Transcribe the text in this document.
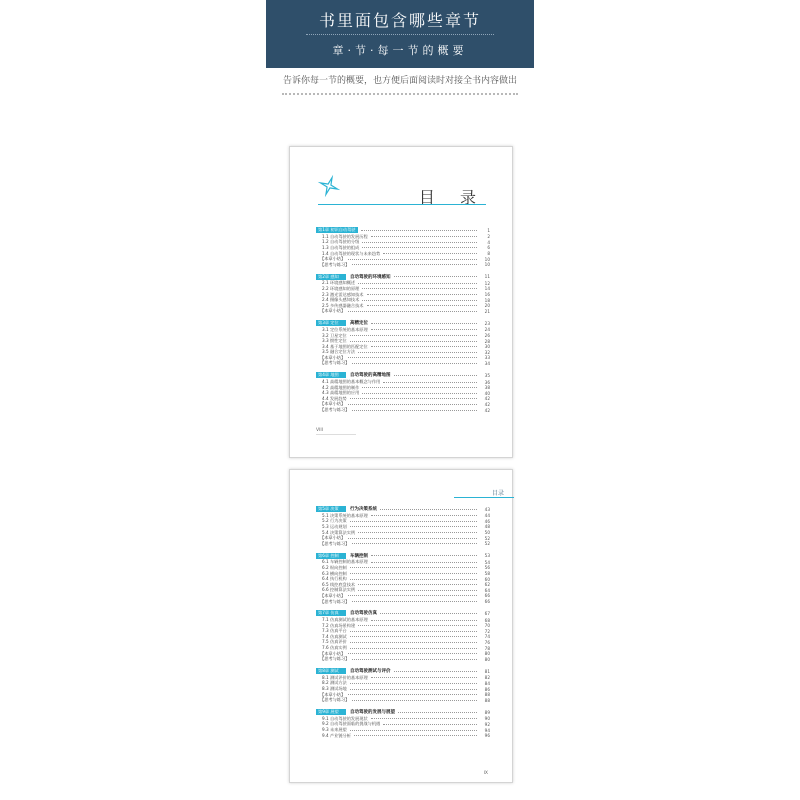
书里面包含哪些章节
章·节·每一节的概要
告诉你每一节的概要，也方便后面阅读时对接全书内容做出
目 录
第1章 初识自动驾驶	1
1.1 自动驾驶的发展历程	2
1.2 自动驾驶的分级	4
1.3 自动驾驶的组成	6
1.4 自动驾驶的现状与未来趋势	8
【本章小结】	10
【思考与练习】	10
第2章 感知	自动驾驶的环境感知	11
2.1 环境感知概述	12
2.2 环境感知的原理	14
2.3 激光雷达感知技术	16
2.4 摄像头感知技术	18
2.5 多传感器融合技术	20
【本章小结】	21
第3章 定位	高精定位	23
3.1 定位系统的基本原理	24
3.2 卫星定位	26
3.3 惯性定位	28
3.4 基于地图的匹配定位	30
3.5 融合定位方法	32
【本章小结】	33
【思考与练习】	34
第4章 地图	自动驾驶的高精地图	35
4.1 高精地图的基本概念与作用	36
4.2 高精地图的制作	38
4.3 高精地图的应用	40
4.4 发展趋势	42
【本章小结】	42
【思考与练习】	42
VIII
目录
第5章 决策	行为决策系统	43
5.1 决策系统的基本原理	44
5.2 行为决策	46
5.3 运动规划	48
5.4 决策算法实例	50
【本章小结】	52
【思考与练习】	52
第6章 控制	车辆控制	53
6.1 车辆控制的基本原理	54
6.2 纵向控制	56
6.3 横向控制	58
6.4 执行机构	60
6.5 线控底盘技术	62
6.6 控制算法实例	64
【本章小结】	66
【思考与练习】	66
第7章 仿真	自动驾驶仿真	67
7.1 仿真测试的基本原理	68
7.2 仿真场景构建	70
7.3 仿真平台	72
7.4 仿真测试	74
7.5 仿真评价	76
7.6 仿真实例	78
【本章小结】	80
【思考与练习】	80
第8章 测试	自动驾驶测试与评价	81
8.1 测试评价的基本原理	82
8.2 测试方法	84
8.3 测试场地	86
【本章小结】	88
【思考与练习】	88
第9章 展望	自动驾驶的发展与展望	89
9.1 自动驾驶的发展现状	90
9.2 自动驾驶面临的挑战与机遇	92
9.3 未来展望	94
9.4 产业链分析	96
IX
